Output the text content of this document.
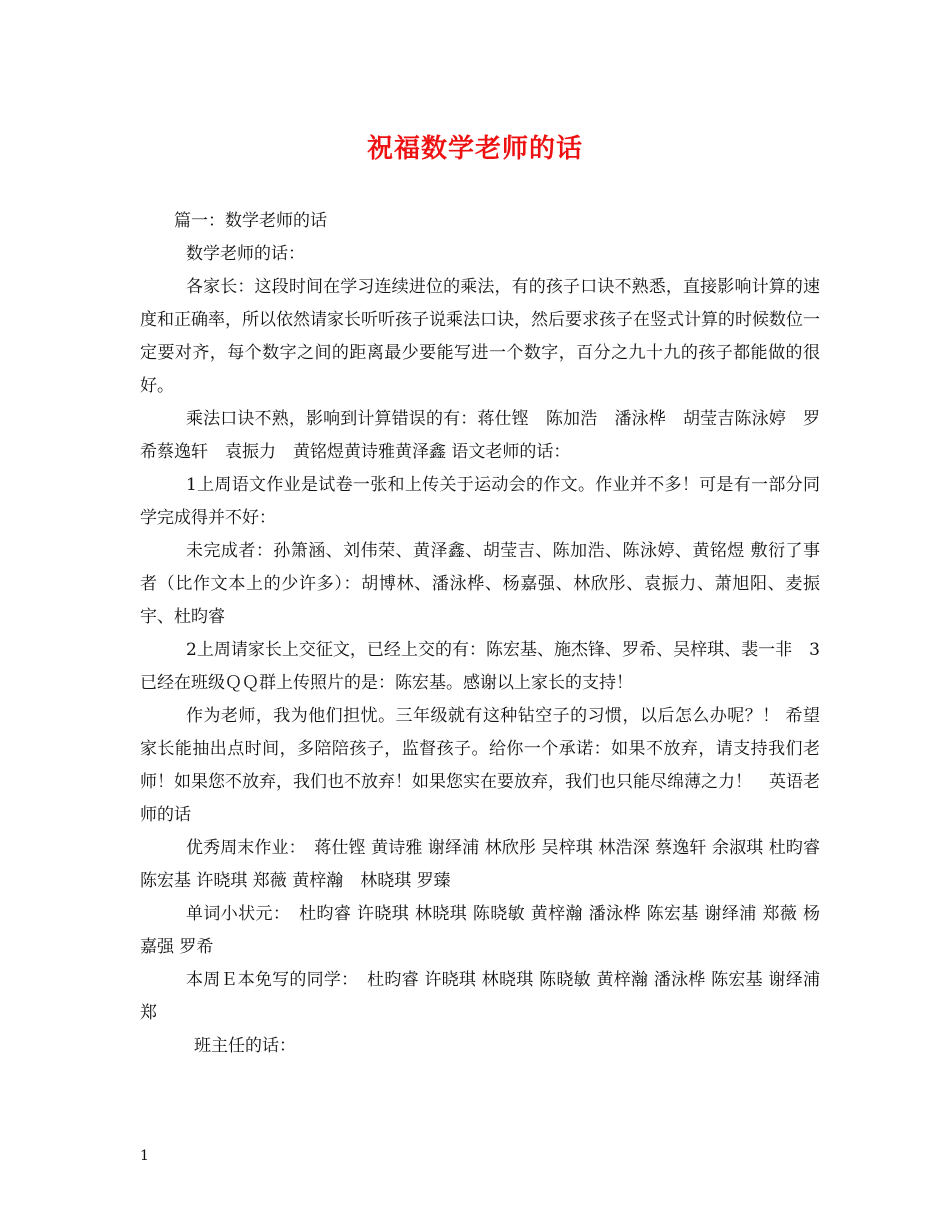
祝福数学老师的话

篇一：数学老师的话

数学老师的话：

各家长：这段时间在学习连续进位的乘法，有的孩子口诀不熟悉，直接影响计算的速度和正确率，所以依然请家长听听孩子说乘法口诀，然后要求孩子在竖式计算的时候数位一定要对齐，每个数字之间的距离最少要能写进一个数字，百分之九十九的孩子都能做的很好。

乘法口诀不熟，影响到计算错误的有：蒋仕铿　陈加浩　潘泳桦　胡莹吉陈泳婷　罗希蔡逸轩　袁振力　黄铭煜黄诗雅黄泽鑫 语文老师的话：

1上周语文作业是试卷一张和上传关于运动会的作文。作业并不多！可是有一部分同学完成得并不好：

未完成者：孙箫涵、刘伟荣、黄泽鑫、胡莹吉、陈加浩、陈泳婷、黄铭煜 敷衍了事者（比作文本上的少许多）：胡博林、潘泳桦、杨嘉强、林欣彤、袁振力、萧旭阳、麦振宇、杜昀睿

2上周请家长上交征文，已经上交的有：陈宏基、施杰锋、罗希、吴梓琪、裴一非　3已经在班级ＱＱ群上传照片的是：陈宏基。感谢以上家长的支持！

作为老师，我为他们担忧。三年级就有这种钻空子的习惯，以后怎么办呢？！ 希望家长能抽出点时间，多陪陪孩子，监督孩子。给你一个承诺：如果不放弃，请支持我们老师！如果您不放弃，我们也不放弃！如果您实在要放弃，我们也只能尽绵薄之力！　英语老师的话

优秀周末作业：　蒋仕铿 黄诗雅 谢绎浦 林欣彤 吴梓琪 林浩深 蔡逸轩 余淑琪 杜昀睿 陈宏基 许晓琪 郑薇 黄梓瀚　林晓琪 罗臻

单词小状元：　杜昀睿 许晓琪 林晓琪 陈晓敏 黄梓瀚 潘泳桦 陈宏基 谢绎浦 郑薇 杨嘉强 罗希

本周Ｅ本免写的同学：　杜昀睿 许晓琪 林晓琪 陈晓敏 黄梓瀚 潘泳桦 陈宏基 谢绎浦 郑

班主任的话：

1
